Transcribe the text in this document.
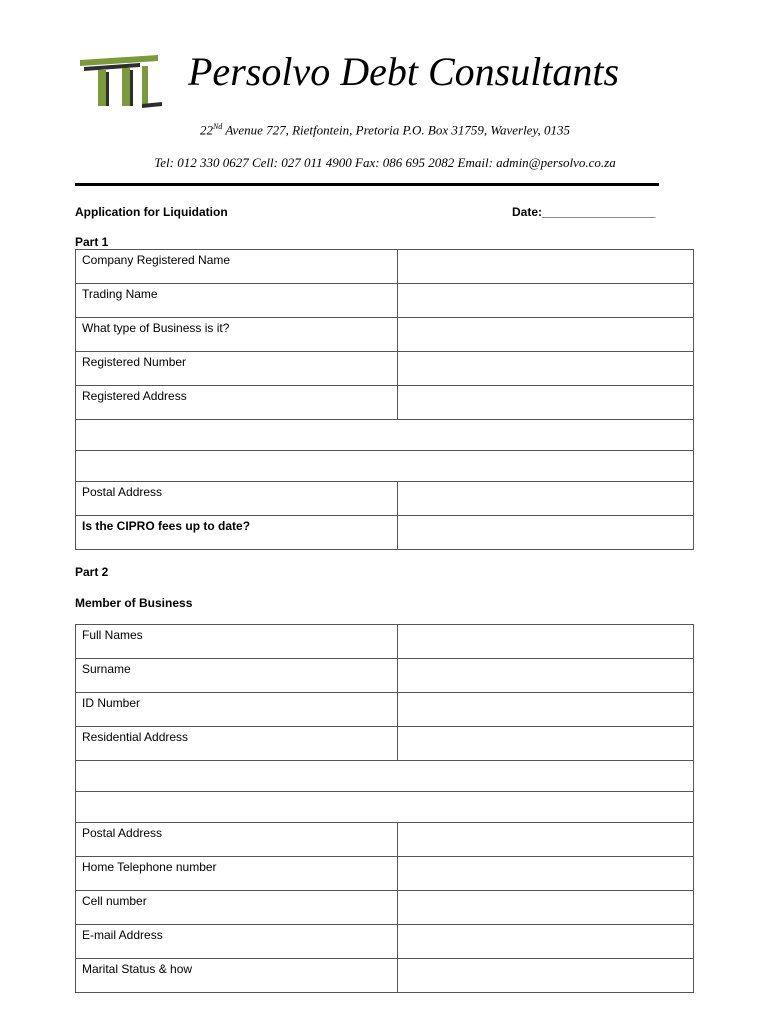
Persolvo Debt Consultants
22Nd Avenue 727, Rietfontein, Pretoria P.O. Box 31759, Waverley, 0135
Tel: 012 330 0627 Cell: 027 011 4900 Fax: 086 695 2082 Email: admin@persolvo.co.za
Application for Liquidation	Date:_________________
Part 1
Company Registered Name	
Trading Name	
What type of Business is it?	
Registered Number	
Registered Address	

Postal Address	
Is the CIPRO fees up to date?	
Part 2
Member of Business
Full Names	
Surname	
ID Number	
Residential Address	

Postal Address	
Home Telephone number	
Cell number	
E-mail Address	
Marital Status & how	
